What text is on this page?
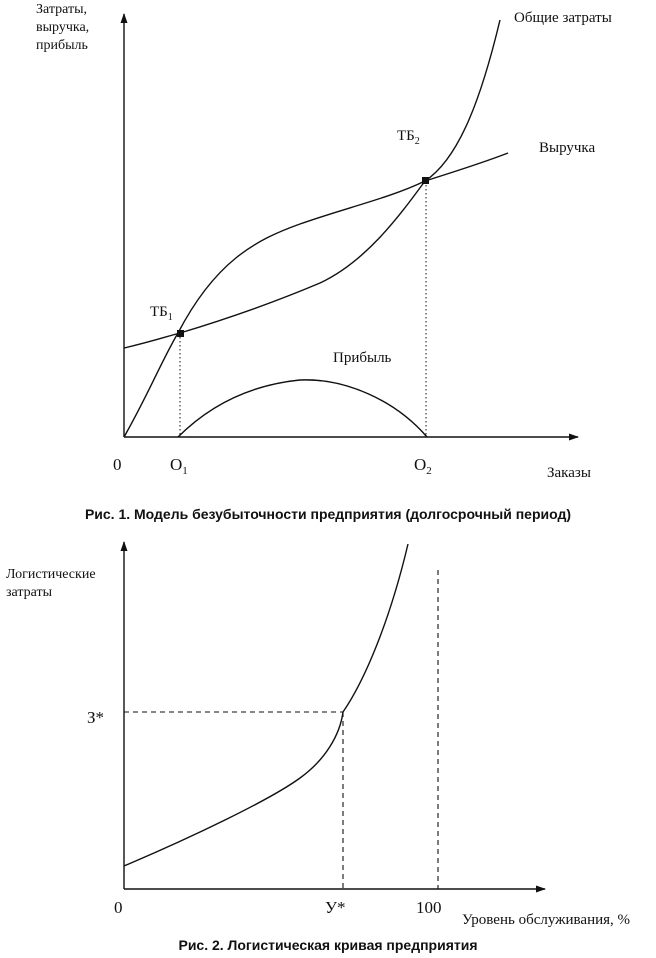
Затраты, выручка, прибыль
$ТБ_1$
$ТБ_2$
Общие затраты
Выручка
Прибыль
0	$O_1$	$O_2$	Заказы
Рис. 1. Модель безубыточности предприятия (долгосрочный период)
Логистические затраты
З*
0	У*	100
Уровень обслуживания, %
Рис. 2. Логистическая кривая предприятия
